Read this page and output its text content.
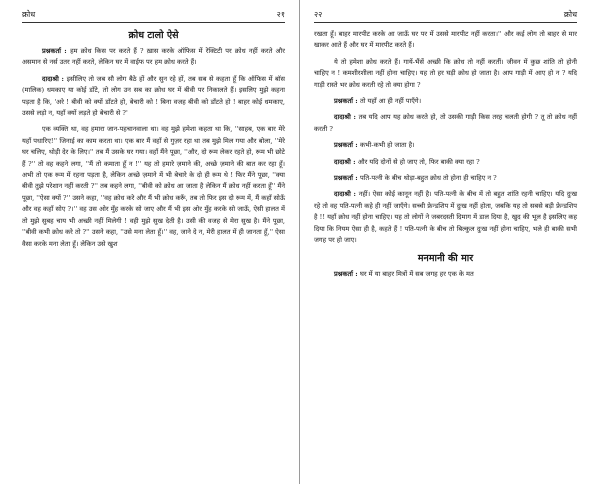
क्रोध	२१
क्रोध टालो ऐसे

प्रश्नकर्ता : हम क्रोध किस पर करते हैं ? ख़ास करके ऑफिस में रेक्टिटी पर क्रोध नहीं करते और असमान से नर्स उतर नहीं करते, लेकिन घर में वाईफ पर हम क्रोध करते हैं।

दादाश्री : इसीलिए तो जब सौ लोग बैठे हों और सुन रहे हों, तब सब से कहता हूँ कि ऑफिस में बॉस (मालिक) धमकाए या कोई डाँटे, तो लोग उन सब का क्रोध घर में बीवी पर निकालते हैं। इसलिए मुझे कहना पड़ता है कि, 'अरे ! बीवी को क्यों डाँटते हो, बेचारी को ! बिना वजह बीवी को डाँटते हो ! बाहर कोई धमकाए, उससे लड़ो न, यहाँ क्यों लड़ते हो बेचारी से ?'

एक व्यक्ति था, वह हमारा जान-पहचानवाला था। वह मुझे हमेशा कहता था कि, ''साहब, एक बार मेरे यहाँ पधारिए!'' जिनाई का काम करता था। एक बार मैं वहाँ से गुज़र रहा था तब मुझे मिल गया और बोला, ''मेरे घर चलिए, थोड़ी देर के लिए।'' तब मैं उसके घर गया। वहाँ मैंने पूछा, ''और, दो रूम लेकर रहते हो, रूम भी छोटे हैं ?'' तो वह कहने लगा, ''मैं तो कमाता हूँ न !'' यह तो हमारे ज़माने की, अच्छे ज़माने की बात कर रहा हूँ। अभी तो एक रूम में रहना पड़ता है, लेकिन अच्छे ज़माने में भी बेचारे के दो ही रूम थे ! फिर मैंने पूछा, ''क्या बीवी तुझे परेशान नहीं करती ?'' तब कहने लगा, ''बीवी को क्रोध आ जाता है लेकिन मैं क्रोध नहीं करता हूँ'' मैंने पूछा, ''ऐसा क्यों ?'' उसने कहा, ''वह क्रोध करे और मैं भी क्रोध करूँ, तब तो फिर इस दो रूम में, मैं कहाँ सोऊँ और वह कहाँ सोए ?।'' वह उस ओर मुँह करके सो जाए और मैं भी इस ओर मुँह करके सो जाऊँ, ऐसी हालत में तो मुझे सुबह चाय भी अच्छी नहीं मिलेगी ! वही मुझे सुख देती है। उसी की वजह से मेरा सुख है। मैंने पूछा, ''बीवी कभी क्रोध करे तो ?'' उसने कहा, ''उसे मना लेता हूँ।'' वह, जाने दे न, मेरी हालत में ही जानता हूँ,'' ऐसा वैसा करके मना लेता हूँ। लेकिन उसे खुश

२२	क्रोध

रखता हूँ। बाहर मारपीट करके आ जाऊँ घर पर में उससे मारपीट नहीं करता।'' और कई लोग तो बाहर से मार खाकर आते हैं और घर में मारपीट करते हैं।

ये तो हमेशा क्रोध करते हैं। गायें-भैंसें अच्छी कि क्रोध तो नहीं करतीं। जीवन में कुछ शांति तो होनी चाहिए न ! कमशीरशीला नहीं होना चाहिए। यह तो हर घड़ी क्रोध हो जाता है। आप गाड़ी में आए हो न ? यदि गाड़ी रास्ते भर क्रोध करती रहे तो क्या होगा ?

प्रश्नकर्ता : तो यहाँ आ ही नहीं पाएँगे।

दादाश्री : तब यदि आप यह क्रोध करते हो, तो उसकी गाड़ी किस तरह चलती होगी ? तू तो क्रोध नहीं करती ?

प्रश्नकर्ता : कभी-कभी हो जाता है।

दादाश्री : और यदि दोनों से हो जाए तो, फिर बाकी क्या रहा ?

प्रश्नकर्ता : पति-पत्नी के बीच थोड़ा-बहुत क्रोध तो होना ही चाहिए न ?

दादाश्री : नहीं। ऐसा कोई कानून नहीं है। पति-पत्नी के बीच में तो बहुत शांति रहनी चाहिए। यदि दुःख रहे तो वह पति-पत्नी कहे ही नहीं जाएँगे। सच्ची फ्रेन्डशिप में दुःख नहीं होता, जबकि यह तो सबसे बड़ी फ्रेन्डशिप है !! यहाँ क्रोध नहीं होना चाहिए। यह तो लोगों ने जबरदस्ती दिमाग में डाल दिया है, खुद की भूल है इसलिए कह दिया कि नियम ऐसा ही है, कहते हैं ! पति-पत्नी के बीच तो बिल्कुल दुःख नहीं होना चाहिए, भले ही बाकी सभी जगह पर हो जाए।

मनमानी की मार

प्रश्नकर्ता : घर में या बाहर मित्रों में सब जगह हर एक के मत
